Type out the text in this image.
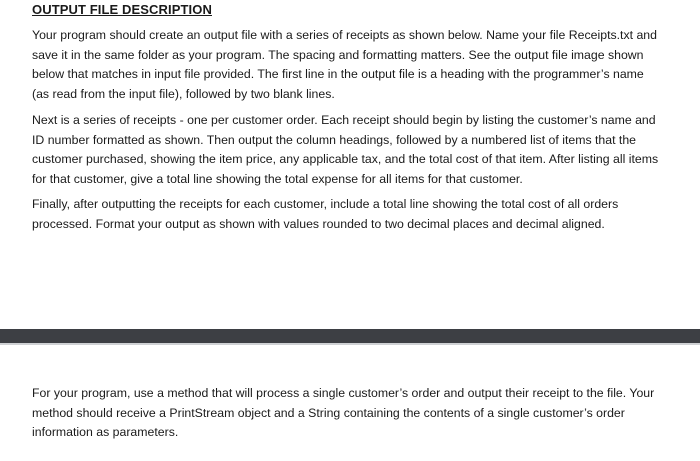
OUTPUT FILE DESCRIPTION

Your program should create an output file with a series of receipts as shown below. Name your file Receipts.txt and save it in the same folder as your program. The spacing and formatting matters. See the output file image shown below that matches in input file provided. The first line in the output file is a heading with the programmer’s name (as read from the input file), followed by two blank lines.

Next is a series of receipts - one per customer order. Each receipt should begin by listing the customer’s name and ID number formatted as shown. Then output the column headings, followed by a numbered list of items that the customer purchased, showing the item price, any applicable tax, and the total cost of that item. After listing all items for that customer, give a total line showing the total expense for all items for that customer.

Finally, after outputting the receipts for each customer, include a total line showing the total cost of all orders processed. Format your output as shown with values rounded to two decimal places and decimal aligned.

For your program, use a method that will process a single customer’s order and output their receipt to the file. Your method should receive a PrintStream object and a String containing the contents of a single customer’s order information as parameters.
